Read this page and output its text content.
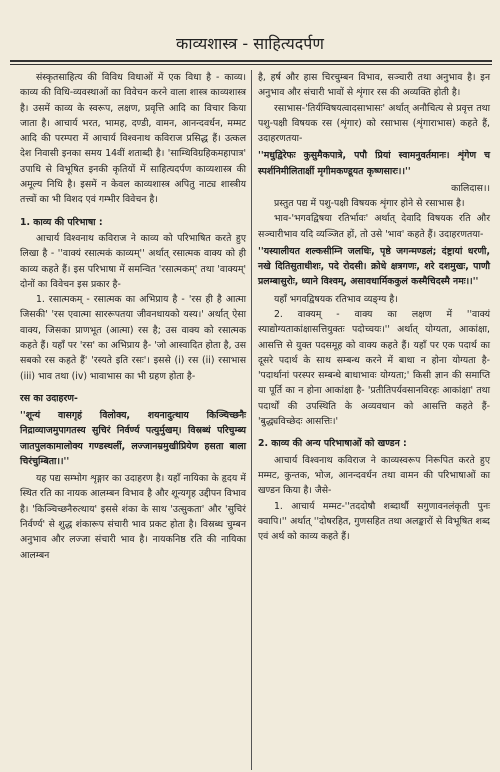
काव्यशास्त्र - साहित्यदर्पण

संस्कृतसाहित्य की विविध विधाओं में एक विधा है - काव्य। काव्य की विधि-व्यवस्थाओं का विवेचन करने वाला शास्त्र काव्यशास्त्र है। उसमें काव्य के स्वरूप, लक्षण, प्रवृत्ति आदि का विचार किया जाता है। आचार्य भरत, भामह, दण्डी, वामन, आनन्दवर्धन, मम्मट आदि की परम्परा में आचार्य विश्वनाथ कविराज प्रसिद्ध हैं। उत्कल देश निवासी इनका समय 14वीं शताब्दी है। 'साम्धिविग्रहिकमहापात्र' उपाधि से विभूषित इनकी कृतियों में साहित्यदर्पण काव्यशास्त्र की अमूल्य निधि है। इसमें न केवल काव्यशास्त्र अपितु नाट्य शास्त्रीय तत्त्वों का भी विशद एवं गम्भीर विवेचन है।

1. काव्य की परिभाषा :

आचार्य विश्वनाथ कविराज ने काव्य को परिभाषित करते हुए लिखा है - ''वाक्यं रसात्मकं काव्यम्'' अर्थात् रसात्मक वाक्य को ही काव्य कहते हैं। इस परिभाषा में समन्वित 'रसात्मकम्' तथा 'वाक्यम्' दोनों का विवेचन इस प्रकार है-

1. रसात्मकम् - रसात्मक का अभिप्राय है - 'रस ही है आत्मा जिसकी' 'रस एवात्मा साररूपतया जीवनधायको यस्य।' अर्थात् ऐसा वाक्य, जिसका प्राणभूत (आत्मा) रस है; उस वाक्य को रसात्मक कहते हैं। यहाँ पर 'रस' का अभिप्राय है- 'जो आस्वादित होता है, उस सबको रस कहते हैं' 'रस्यते इति रसः'। इससे (i) रस (ii) रसाभास (iii) भाव तथा (iv) भावाभास का भी ग्रहण होता है-

रस का उदाहरण-

''शून्यं वासगृहं विलोक्य, शयनादुत्थाय किञ्चिच्छनैः निद्राव्याजमुपागतस्य सुचिरं निर्वर्ण्य पत्युर्मुखम्। विस्रब्धं परिचुम्ब्य जातपुलकामालोक्य गण्डस्थलीं, लज्जानम्रमुखीप्रियेण हसता बाला चिरंचुम्बिता।।''

यह पद्य सम्भोग शृङ्गार का उदाहरण है। यहाँ नायिका के हृदय में स्थित रति का नायक आलम्बन विभाव है और शून्यगृह उद्दीपन विभाव है। 'किञ्चिच्छनैरुत्थाय' इससे शंका के साथ 'उत्सुकता' और 'सुचिरं निर्वर्ण्य' से शुद्ध शंकारूप संचारी भाव प्रकट होता है। विस्रब्ध चुम्बन अनुभाव और लज्जा संचारी भाव है। नायकनिष्ठ रति की नायिका आलम्बन

है, हर्ष और हास चिरचुम्बन विभाव, सञ्चारी तथा अनुभाव है। इन अनुभाव और संचारी भावों से शृंगार रस की अव्यक्ति होती है।

रसाभास-'तिर्यग्विषयत्वादसाभासः' अर्थात् अनौचित्य से प्रवृत्त तथा पशु-पक्षी विषयक रस (शृंगार) को रसाभास (शृंगाराभास) कहते हैं, उदाहरणतया-

''मधुद्विरेफः कुसुमैकपात्रे, पपौ प्रियां स्वामनुवर्तमानः। शृंगेण च स्पर्शनिमीलिताक्षीं मृगीमकण्डूयत कृष्णसारः।।''

कालिदास।।

प्रस्तुत पद्य में पशु-पक्षी विषयक शृंगार होने से रसाभास है।

भाव-'भगवद्विषया रतिर्भावः' अर्थात् देवादि विषयक रति और सञ्चारीभाव यदि व्यञ्जित हों, तो उसे 'भाव' कहते हैं। उदाहरणतया-

''यस्यालीयत शल्कसीम्नि जलधिः, पृष्ठे जगन्मण्डलं; दंष्ट्रायां धरणी, नखे दितिसुताधीशः, पदे रोदसी। क्रोधे क्षत्रगणः, शरे दशमुखः, पाणौ प्रलम्बासुरोः, ध्याने विश्वम्, असावधार्मिककुलं कस्मैचिदस्मै नमः।।''

यहाँ भगवद्विषयक रतिभाव व्यङ्ग्य है।

2. वाक्यम् - वाक्य का लक्षण में ''वाक्यं स्याद्योग्यताकांक्षासत्तियुक्तः पदोच्चयः।'' अर्थात् योग्यता, आकांक्षा, आसत्ति से युक्त पदसमूह को वाक्य कहते हैं। यहाँ पर एक पदार्थ का दूसरे पदार्थ के साथ सम्बन्ध करने में बाधा न होना योग्यता है- 'पदार्थानां परस्पर सम्बन्धे बाधाभावः योग्यता;' किसी ज्ञान की समाप्ति या पूर्ति का न होना आकांक्षा है- 'प्रतीतिपर्यवसानविरहः आकांक्षा' तथा पदार्थों की उपस्थिति के अव्यवधान को आसत्ति कहते हैं- 'बुद्ध्यविच्छेदः आसत्तिः।'

2. काव्य की अन्य परिभाषाओं को खण्डन :

आचार्य विश्वनाथ कविराज ने काव्यस्वरूप निरूपित करते हुए मम्मट, कुन्तक, भोज, आनन्दवर्धन तथा वामन की परिभाषाओं का खण्डन किया है। जैसे-

1. आचार्य मम्मट-''तददोषौ शब्दार्थौ सगुणावनलंकृती पुनः क्वापि।'' अर्थात् ''दोषरहित, गुणसहित तथा अलङ्कारों से विभूषित शब्द एवं अर्थ को काव्य कहते हैं।
